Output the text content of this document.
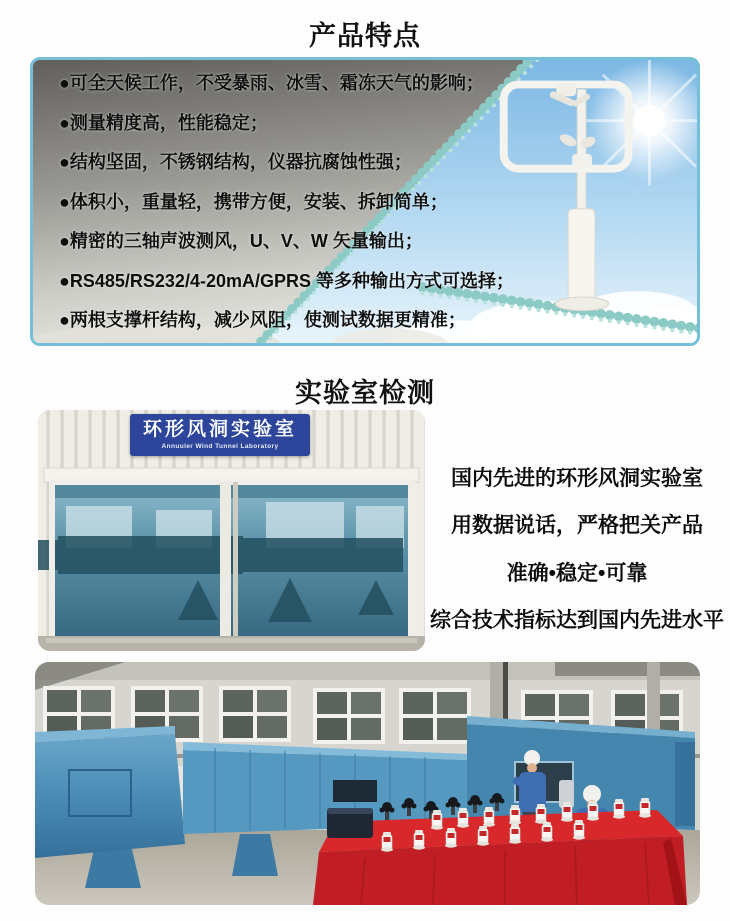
产品特点
●可全天候工作，不受暴雨、冰雪、霜冻天气的影响；
●测量精度高，性能稳定；
●结构坚固，不锈钢结构，仪器抗腐蚀性强；
●体积小，重量轻，携带方便，安装、拆卸简单；
●精密的三轴声波测风，U、V、W 矢量输出；
●RS485/RS232/4-20mA/GPRS 等多种输出方式可选择；
●两根支撑杆结构，减少风阻，使测试数据更精准；
实验室检测
环形风洞实验室
Annuuler Wind Tunnel Laboratory
国内先进的环形风洞实验室
用数据说话，严格把关产品
准确•稳定•可靠
综合技术指标达到国内先进水平
